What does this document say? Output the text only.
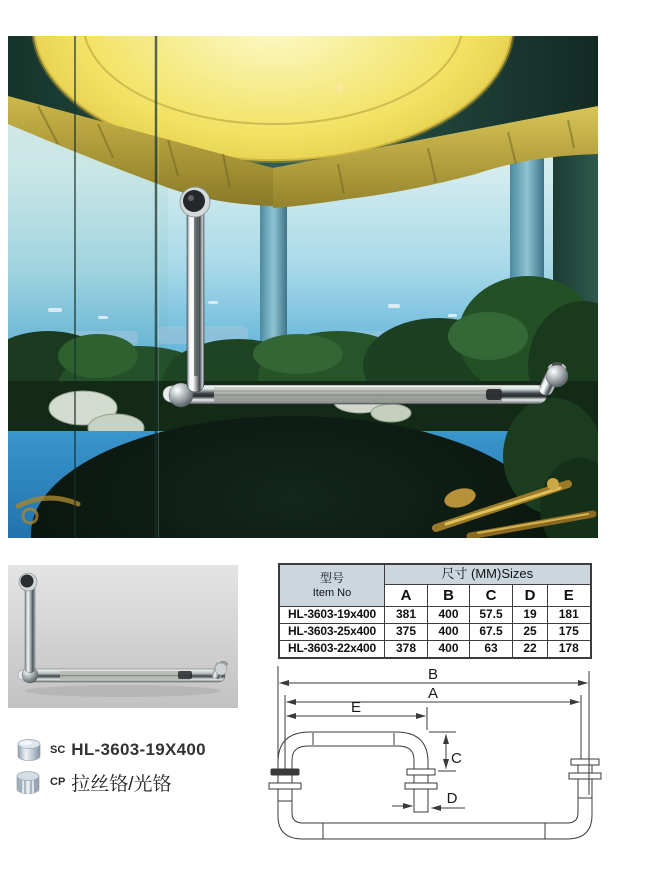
型号
Item No	尺寸 (MM)Sizes				
	A	B	C	D	E
HL-3603-19x400	381	400	57.5	19	181
HL-3603-25x400	375	400	67.5	25	175
HL-3603-22x400	378	400	63	22	178
SC HL-3603-19X400
CP 拉丝铬/光铬
B
A
E
C
D
